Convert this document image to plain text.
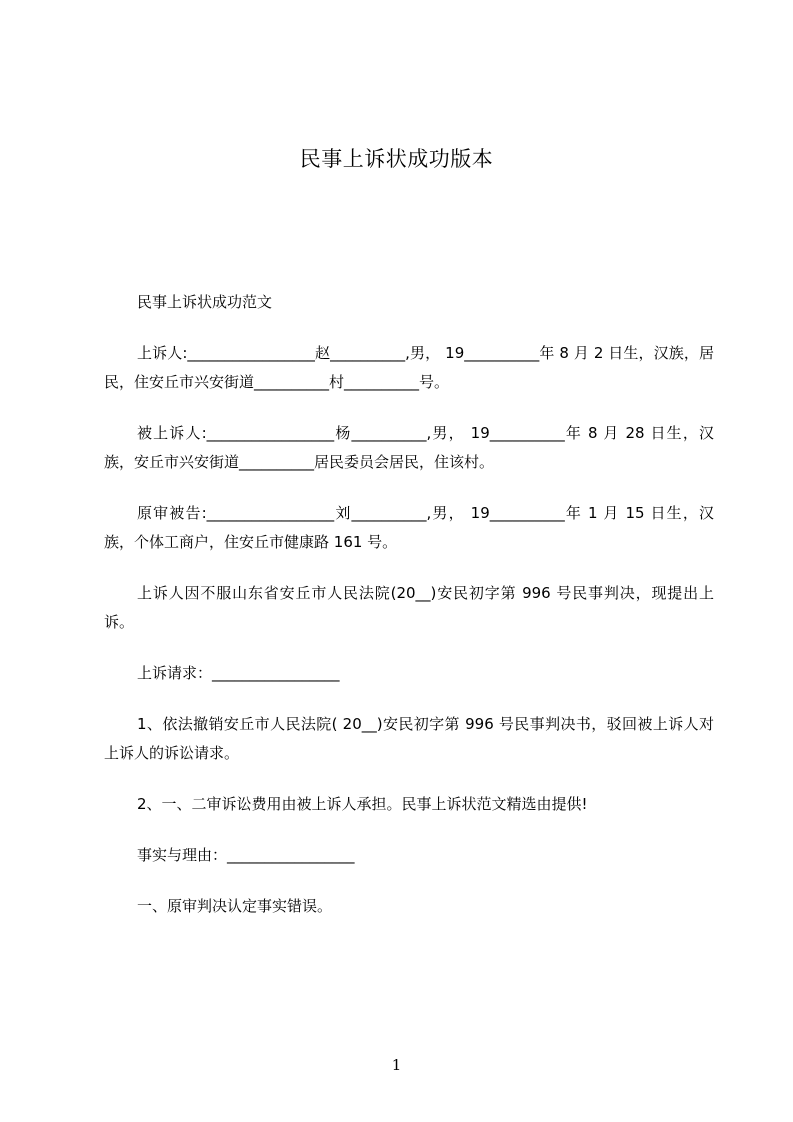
民事上诉状成功版本

民事上诉状成功范文

上诉人:_________________赵__________,男， 19__________年 8 月 2 日生，汉族，居民，住安丘市兴安街道__________村__________号。

被上诉人:_________________杨__________,男， 19__________年 8 月 28 日生，汉族，安丘市兴安街道__________居民委员会居民，住该村。

原审被告:_________________刘__________,男， 19__________年 1 月 15 日生，汉族，个体工商户，住安丘市健康路 161 号。

上诉人因不服山东省安丘市人民法院(20__)安民初字第 996 号民事判决，现提出上诉。

上诉请求：_________________

1、依法撤销安丘市人民法院( 20__)安民初字第 996 号民事判决书，驳回被上诉人对上诉人的诉讼请求。

2、一、二审诉讼费用由被上诉人承担。民事上诉状范文精选由提供!

事实与理由：_________________

一、原审判决认定事实错误。

1
